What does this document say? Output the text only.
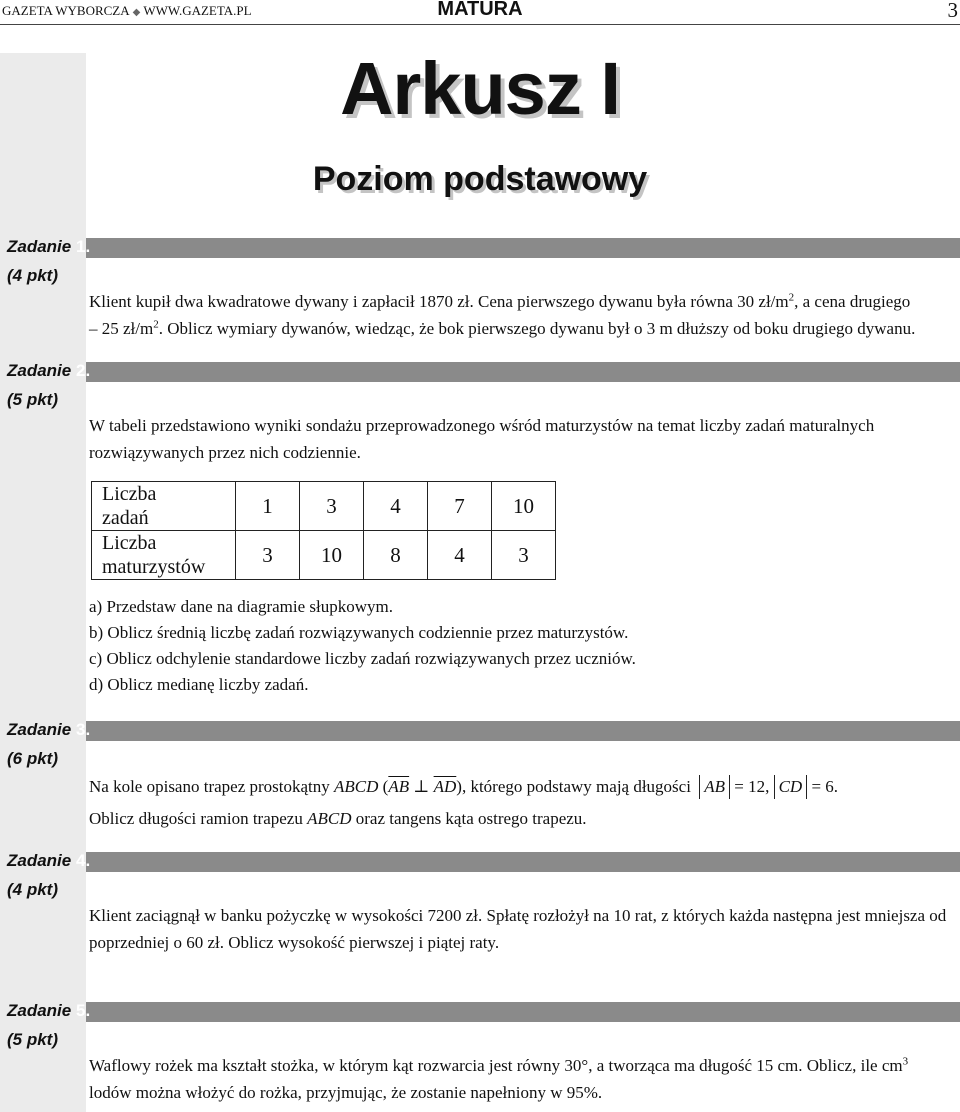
GAZETA WYBORCZA ◆ WWW.GAZETA.PL	MATURA	3
Arkusz I
Poziom podstawowy
Zadanie 1.
(4 pkt)

Klient kupił dwa kwadratowe dywany i zapłacił 1870 zł. Cena pierwszego dywanu była równa 30 $zł/m^2$, a cena drugiego

– 25 $zł/m^2$. Oblicz wymiary dywanów, wiedząc, że bok pierwszego dywanu był o 3 m dłuższy od boku drugiego dywanu.

Zadanie 2.
(5 pkt)
W tabeli przedstawiono wyniki sondażu przeprowadzonego wśród maturzystów na temat liczby zadań maturalnych rozwiązywanych przez nich codziennie.
Liczba
zadań	1	3	4	7	10
Liczba
maturzystów	3	10	8	4	3

a) Przedstaw dane na diagramie słupkowym.

b) Oblicz średnią liczbę zadań rozwiązywanych codziennie przez maturzystów.

c) Oblicz odchylenie standardowe liczby zadań rozwiązywanych przez uczniów.

d) Oblicz medianę liczby zadań.

Zadanie 3.
(6 pkt)

Na kole opisano trapez prostokątny ABCD ($\overline{AB}$ ⊥ $\overline{AD}$), którego podstawy mają długości AB = 12, CD = 6.

Oblicz długości ramion trapezu ABCD oraz tangens kąta ostrego trapezu.

Zadanie 4.
(4 pkt)
Klient zaciągnął w banku pożyczkę w wysokości 7200 zł. Spłatę rozłożył na 10 rat, z których każda następna jest mniejsza od poprzedniej o 60 zł. Oblicz wysokość pierwszej i piątej raty.
Zadanie 5.
(5 pkt)

Waflowy rożek ma kształt stożka, w którym kąt rozwarcia jest równy 30°, a tworząca ma długość 15 cm. Oblicz, ile $cm^3$ lodów można włożyć do rożka, przyjmując, że zostanie napełniony w 95%.
